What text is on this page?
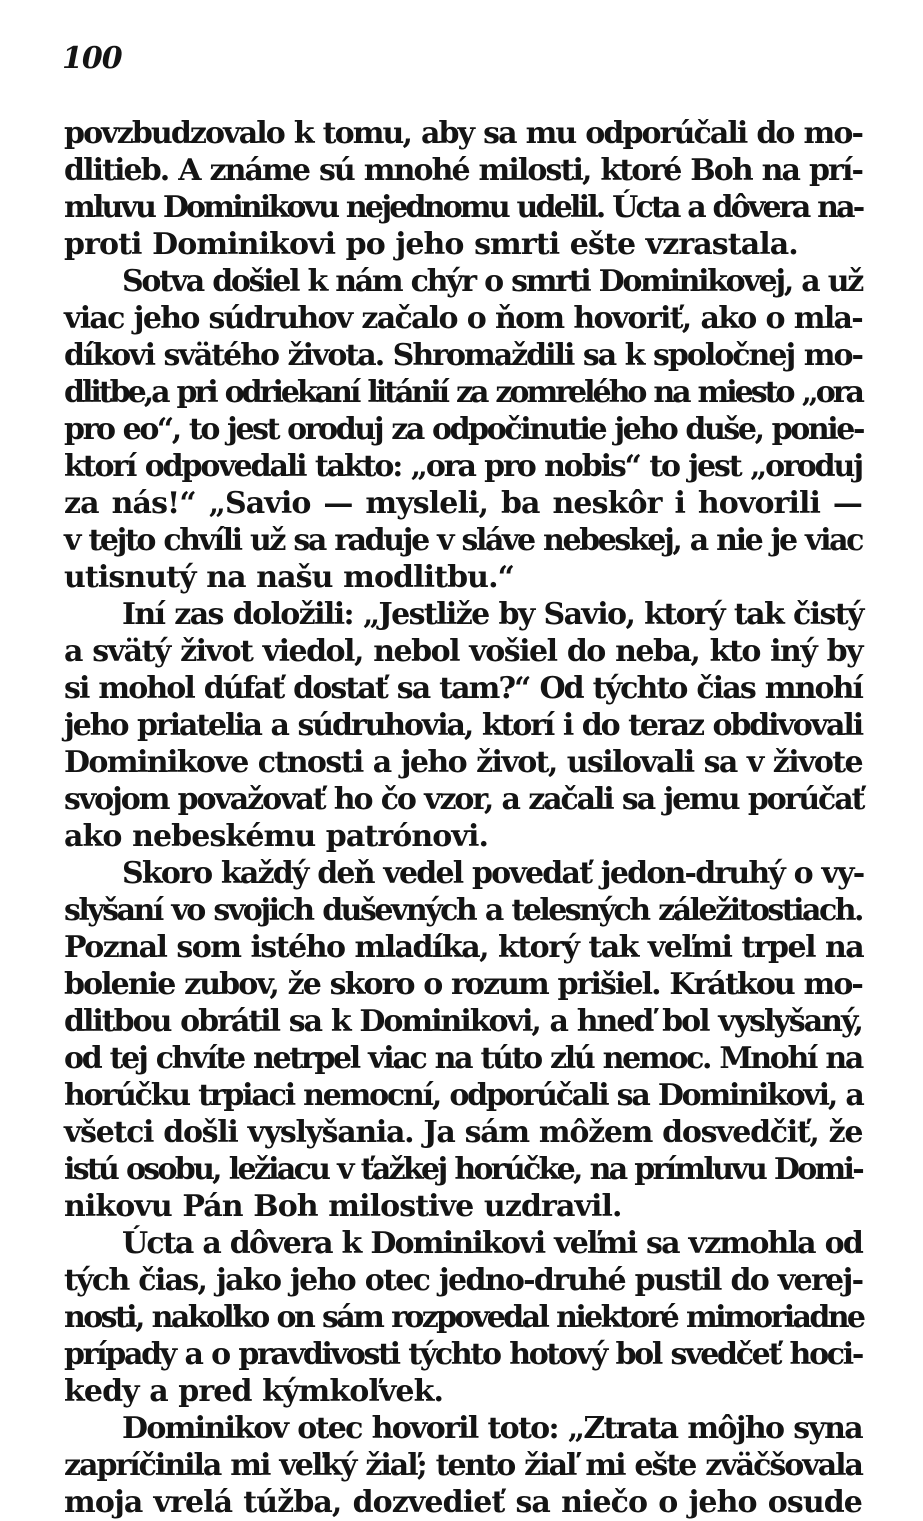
100
povzbudzovalo k tomu, aby sa mu odporúčali do mo-
dlitieb. A známe sú mnohé milosti, ktoré Boh na prí-
mluvu Dominikovu nejednomu udelil. Úcta a dôvera na-
proti Dominikovi po jeho smrti ešte vzrastala.
Sotva došiel k nám chýr o smrti Dominikovej, a už
viac jeho súdruhov začalo o ňom hovoriť, ako o mla-
díkovi svätého života. Shromaždili sa k spoločnej mo-
dlitbe,a pri odriekaní litánií za zomrelého na miesto „ora
pro eo“, to jest oroduj za odpočinutie jeho duše, ponie-
ktorí odpovedali takto: „ora pro nobis“ to jest „oroduj
za nás!“ „Savio — mysleli, ba neskôr i hovorili —
v tejto chvíli už sa raduje v sláve nebeskej, a nie je viac
utisnutý na našu modlitbu.“
Iní zas doložili: „Jestliže by Savio, ktorý tak čistý
a svätý život viedol, nebol vošiel do neba, kto iný by
si mohol dúfať dostať sa tam?“ Od týchto čias mnohí
jeho priatelia a súdruhovia, ktorí i do teraz obdivovali
Dominikove ctnosti a jeho život, usilovali sa v živote
svojom považovať ho čo vzor, a začali sa jemu porúčať
ako nebeskému patrónovi.
Skoro každý deň vedel povedať jedon-druhý o vy-
slyšaní vo svojich duševných a telesných záležitostiach.
Poznal som istého mladíka, ktorý tak veľmi trpel na
bolenie zubov, že skoro o rozum prišiel. Krátkou mo-
dlitbou obrátil sa k Dominikovi, a hneď bol vyslyšaný,
od tej chvíte netrpel viac na túto zlú nemoc. Mnohí na
horúčku trpiaci nemocní, odporúčali sa Dominikovi, a
všetci došli vyslyšania. Ja sám môžem dosvedčiť, že
istú osobu, ležiacu v ťažkej horúčke, na prímluvu Domi-
nikovu Pán Boh milostive uzdravil.
Úcta a dôvera k Dominikovi veľmi sa vzmohla od
tých čias, jako jeho otec jedno-druhé pustil do verej-
nosti, nakoľko on sám rozpovedal niektoré mimoriadne
prípady a o pravdivosti týchto hotový bol svedčeť hoci-
kedy a pred kýmkoľvek.
Dominikov otec hovoril toto: „Ztrata môjho syna
zapríčinila mi veľký žiaľ; tento žiaľ mi ešte zväčšovala
moja vrelá túžba, dozvedieť sa niečo o jeho osude
